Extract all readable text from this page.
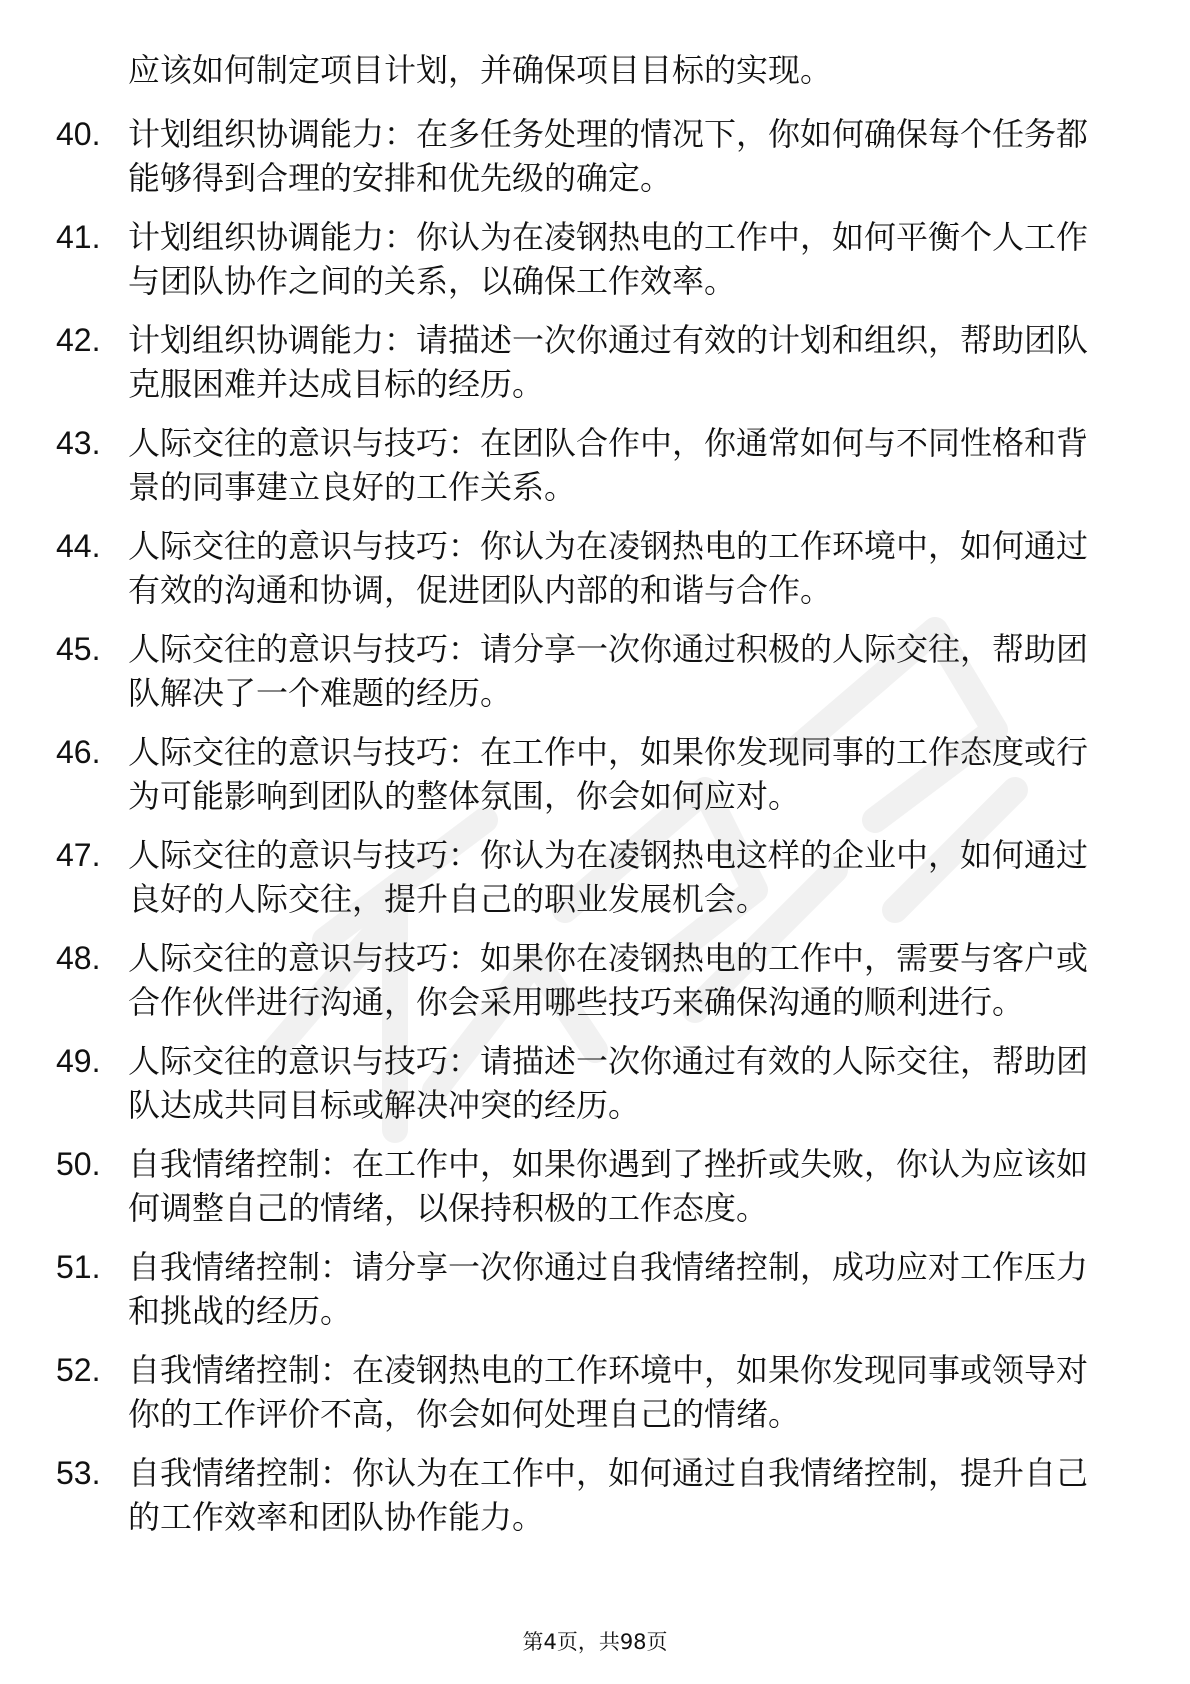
应该如何制定项目计划，并确保项目目标的实现。

40. 计划组织协调能力：在多任务处理的情况下，你如何确保每个任务都能够得到合理的安排和优先级的确定。
41. 计划组织协调能力：你认为在凌钢热电的工作中，如何平衡个人工作与团队协作之间的关系，以确保工作效率。
42. 计划组织协调能力：请描述一次你通过有效的计划和组织，帮助团队克服困难并达成目标的经历。
43. 人际交往的意识与技巧：在团队合作中，你通常如何与不同性格和背景的同事建立良好的工作关系。
44. 人际交往的意识与技巧：你认为在凌钢热电的工作环境中，如何通过有效的沟通和协调，促进团队内部的和谐与合作。
45. 人际交往的意识与技巧：请分享一次你通过积极的人际交往，帮助团队解决了一个难题的经历。
46. 人际交往的意识与技巧：在工作中，如果你发现同事的工作态度或行为可能影响到团队的整体氛围，你会如何应对。
47. 人际交往的意识与技巧：你认为在凌钢热电这样的企业中，如何通过良好的人际交往，提升自己的职业发展机会。
48. 人际交往的意识与技巧：如果你在凌钢热电的工作中，需要与客户或合作伙伴进行沟通，你会采用哪些技巧来确保沟通的顺利进行。
49. 人际交往的意识与技巧：请描述一次你通过有效的人际交往，帮助团队达成共同目标或解决冲突的经历。
50. 自我情绪控制：在工作中，如果你遇到了挫折或失败，你认为应该如何调整自己的情绪，以保持积极的工作态度。
51. 自我情绪控制：请分享一次你通过自我情绪控制，成功应对工作压力和挑战的经历。
52. 自我情绪控制：在凌钢热电的工作环境中，如果你发现同事或领导对你的工作评价不高，你会如何处理自己的情绪。
53. 自我情绪控制：你认为在工作中，如何通过自我情绪控制，提升自己的工作效率和团队协作能力。
第4页，共98页
